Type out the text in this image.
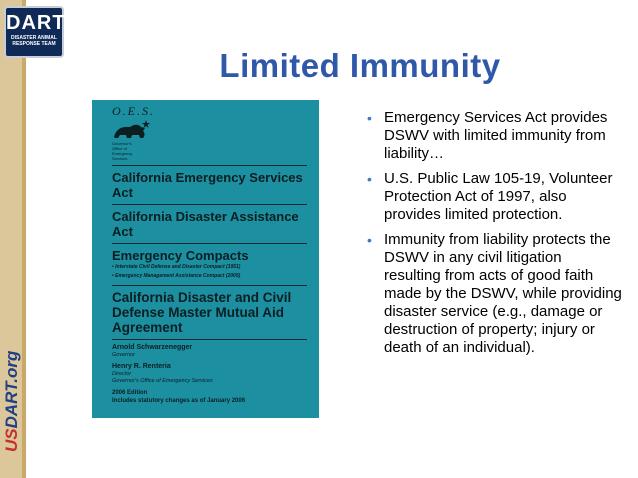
DART
DISASTER ANIMAL
RESPONSE TEAM
USDART.org
Limited Immunity
O.E.S.
Governor's Office of Emergency Services
California Emergency Services Act
California Disaster Assistance Act
Emergency Compacts
• Interstate Civil Defense and Disaster Compact (1951)
• Emergency Management Assistance Compact (2005)
California Disaster and Civil Defense Master Mutual Aid Agreement
Arnold Schwarzenegger
Governor
Henry R. Renteria
Director
Governor's Office of Emergency Services
2006 Edition
Includes statutory changes as of January 2006
• Emergency Services Act provides DSWV with limited immunity from liability…
• U.S. Public Law 105-19, Volunteer Protection Act of 1997, also provides limited protection.
• Immunity from liability protects the DSWV in any civil litigation resulting from acts of good faith made by the DSWV, while providing disaster service (e.g., damage or destruction of property; injury or death of an individual).
